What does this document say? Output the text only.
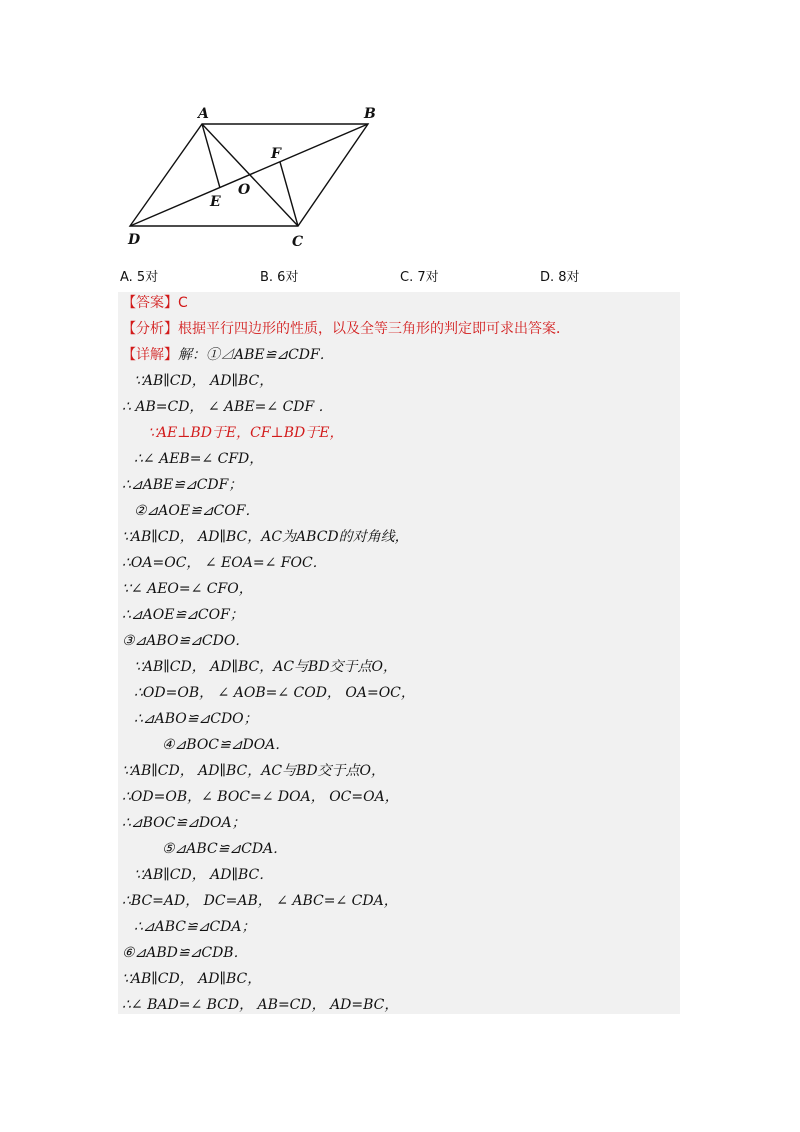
A	B
C
D
E
F
O
A. 5对	B. 6对	C. 7对	D. 8对
【答案】C
【分析】根据平行四边形的性质，以及全等三角形的判定即可求出答案．
【详解】解：①⊿ABE≌⊿CDF．
∵AB∥CD， AD∥BC，
∴ AB=CD， ∠ ABE=∠ CDF ．
∵AE⊥BD于E，CF⊥BD于E，
∴∠ AEB=∠ CFD，
∴⊿ABE≌⊿CDF；
②⊿AOE≌⊿COF．
∵AB∥CD， AD∥BC，AC为ABCD的对角线，
∴OA=OC， ∠ EOA=∠ FOC．
∵∠ AEO=∠ CFO，
∴⊿AOE≌⊿COF；
③⊿ABO≌⊿CDO．
∵AB∥CD， AD∥BC，AC与BD交于点O，
∴OD=OB， ∠ AOB=∠ COD， OA=OC，
∴⊿ABO≌⊿CDO；
④⊿BOC≌⊿DOA．
∵AB∥CD， AD∥BC，AC与BD交于点O，
∴OD=OB，∠ BOC=∠ DOA， OC=OA，
∴⊿BOC≌⊿DOA；
⑤⊿ABC≌⊿CDA．
∵AB∥CD， AD∥BC．
∴BC=AD， DC=AB， ∠ ABC=∠ CDA，
∴⊿ABC≌⊿CDA；
⑥⊿ABD≌⊿CDB．
∵AB∥CD， AD∥BC，
∴∠ BAD=∠ BCD， AB=CD， AD=BC，
